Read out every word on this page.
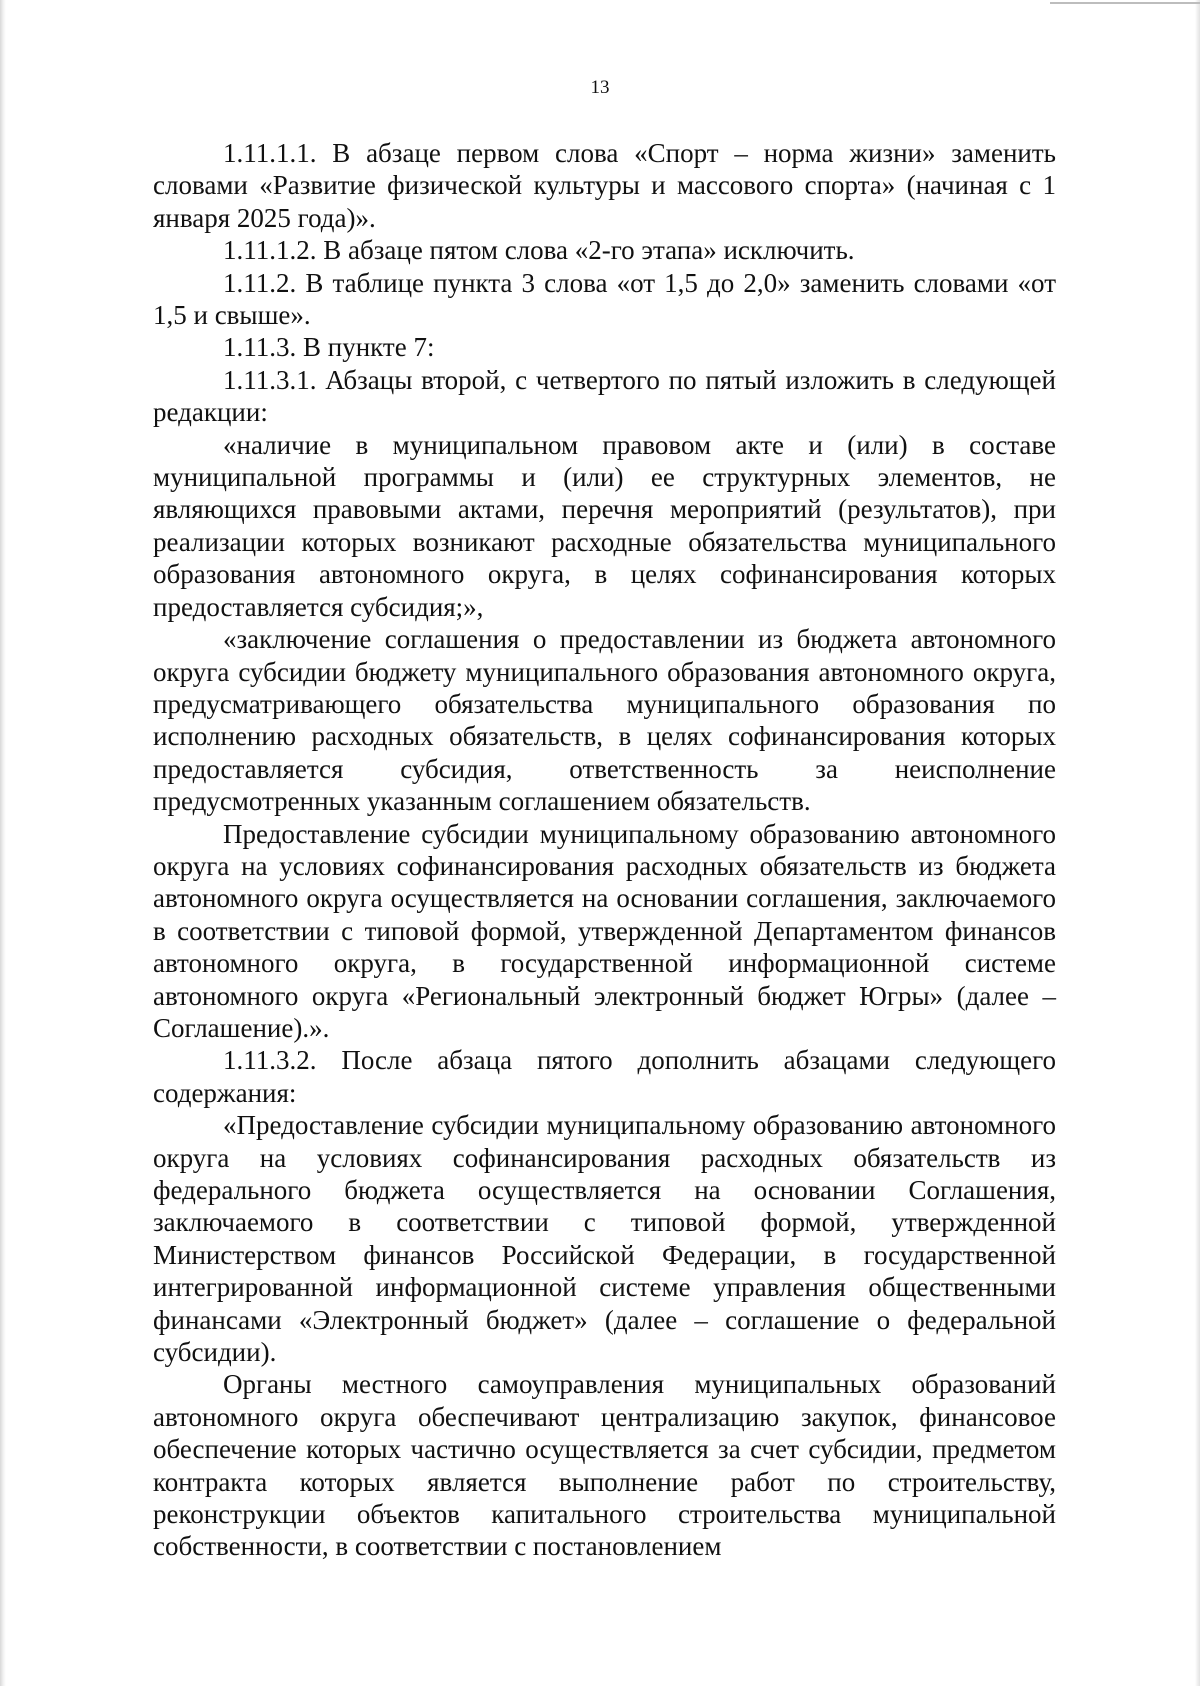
13

1.11.1.1. В абзаце первом слова «Спорт – норма жизни» заменить словами «Развитие физической культуры и массового спорта» (начиная с 1 января 2025 года)».

1.11.1.2. В абзаце пятом слова «2-го этапа» исключить.

1.11.2. В таблице пункта 3 слова «от 1,5 до 2,0» заменить словами «от 1,5 и свыше».

1.11.3. В пункте 7:

1.11.3.1. Абзацы второй, с четвертого по пятый изложить в следующей редакции:

«наличие в муниципальном правовом акте и (или) в составе муниципальной программы и (или) ее структурных элементов, не являющихся правовыми актами, перечня мероприятий (результатов), при реализации которых возникают расходные обязательства муниципального образования автономного округа, в целях софинансирования которых предоставляется субсидия;»,

«заключение соглашения о предоставлении из бюджета автономного округа субсидии бюджету муниципального образования автономного округа, предусматривающего обязательства муниципального образования по исполнению расходных обязательств, в целях софинансирования которых предоставляется субсидия, ответственность за неисполнение предусмотренных указанным соглашением обязательств.

Предоставление субсидии муниципальному образованию автономного округа на условиях софинансирования расходных обязательств из бюджета автономного округа осуществляется на основании соглашения, заключаемого в соответствии с типовой формой, утвержденной Департаментом финансов автономного округа, в государственной информационной системе автономного округа «Региональный электронный бюджет Югры» (далее – Соглашение).».

1.11.3.2. После абзаца пятого дополнить абзацами следующего содержания:

«Предоставление субсидии муниципальному образованию автономного округа на условиях софинансирования расходных обязательств из федерального бюджета осуществляется на основании Соглашения, заключаемого в соответствии с типовой формой, утвержденной Министерством финансов Российской Федерации, в государственной интегрированной информационной системе управления общественными финансами «Электронный бюджет» (далее – соглашение о федеральной субсидии).

Органы местного самоуправления муниципальных образований автономного округа обеспечивают централизацию закупок, финансовое обеспечение которых частично осуществляется за счет субсидии, предметом контракта которых является выполнение работ по строительству, реконструкции объектов капитального строительства муниципальной собственности, в соответствии с постановлением
